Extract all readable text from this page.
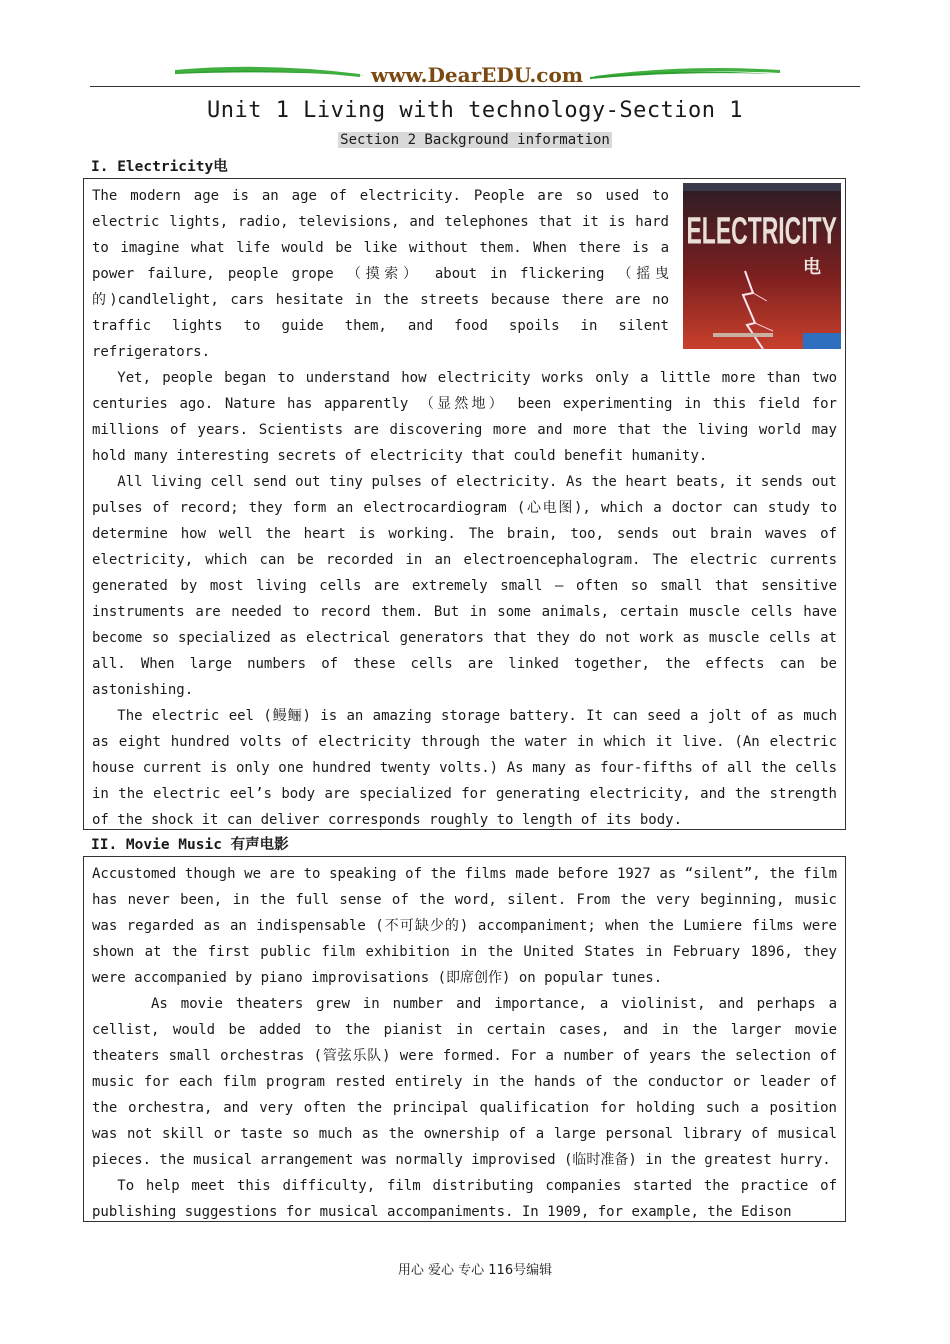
www.DearEDU.com
Unit 1 Living with technology-Section 1
Section 2 Background information
I. Electricity电
ELECTRICITY
电

The modern age is an age of electricity. People are so used to electric lights, radio, televisions, and telephones that it is hard to imagine what life would be like without them. When there is a power failure, people grope （摸索） about in flickering （摇曳的)candlelight, cars hesitate in the streets because there are no traffic lights to guide them, and food spoils in silent refrigerators.

Yet, people began to understand how electricity works only a little more than two centuries ago. Nature has apparently （显然地） been experimenting in this field for millions of years. Scientists are discovering more and more that the living world may hold many interesting secrets of electricity that could benefit humanity.

All living cell send out tiny pulses of electricity. As the heart beats, it sends out pulses of record; they form an electrocardiogram (心电图), which a doctor can study to determine how well the heart is working. The brain, too, sends out brain waves of electricity, which can be recorded in an electroencephalogram. The electric currents generated by most living cells are extremely small – often so small that sensitive instruments are needed to record them. But in some animals, certain muscle cells have become so specialized as electrical generators that they do not work as muscle cells at all. When large numbers of these cells are linked together, the effects can be astonishing.

The electric eel (鳗鲡) is an amazing storage battery. It can seed a jolt of as much as eight hundred volts of electricity through the water in which it live. (An electric house current is only one hundred twenty volts.) As many as four-fifths of all the cells in the electric eel’s body are specialized for generating electricity, and the strength of the shock it can deliver corresponds roughly to length of its body.

II. Movie Music 有声电影

Accustomed though we are to speaking of the films made before 1927 as “silent”, the film has never been, in the full sense of the word, silent. From the very beginning, music was regarded as an indispensable (不可缺少的) accompaniment; when the Lumiere films were shown at the first public film exhibition in the United States in February 1896, they were accompanied by piano improvisations (即席创作) on popular tunes.

As movie theaters grew in number and importance, a violinist, and perhaps a cellist, would be added to the pianist in certain cases, and in the larger movie theaters small orchestras (管弦乐队) were formed. For a number of years the selection of music for each film program rested entirely in the hands of the conductor or leader of the orchestra, and very often the principal qualification for holding such a position was not skill or taste so much as the ownership of a large personal library of musical pieces. the musical arrangement was normally improvised (临时准备) in the greatest hurry.

To help meet this difficulty, film distributing companies started the practice of publishing suggestions for musical accompaniments. In 1909, for example, the Edison

用心 爱心 专心 116号编辑
